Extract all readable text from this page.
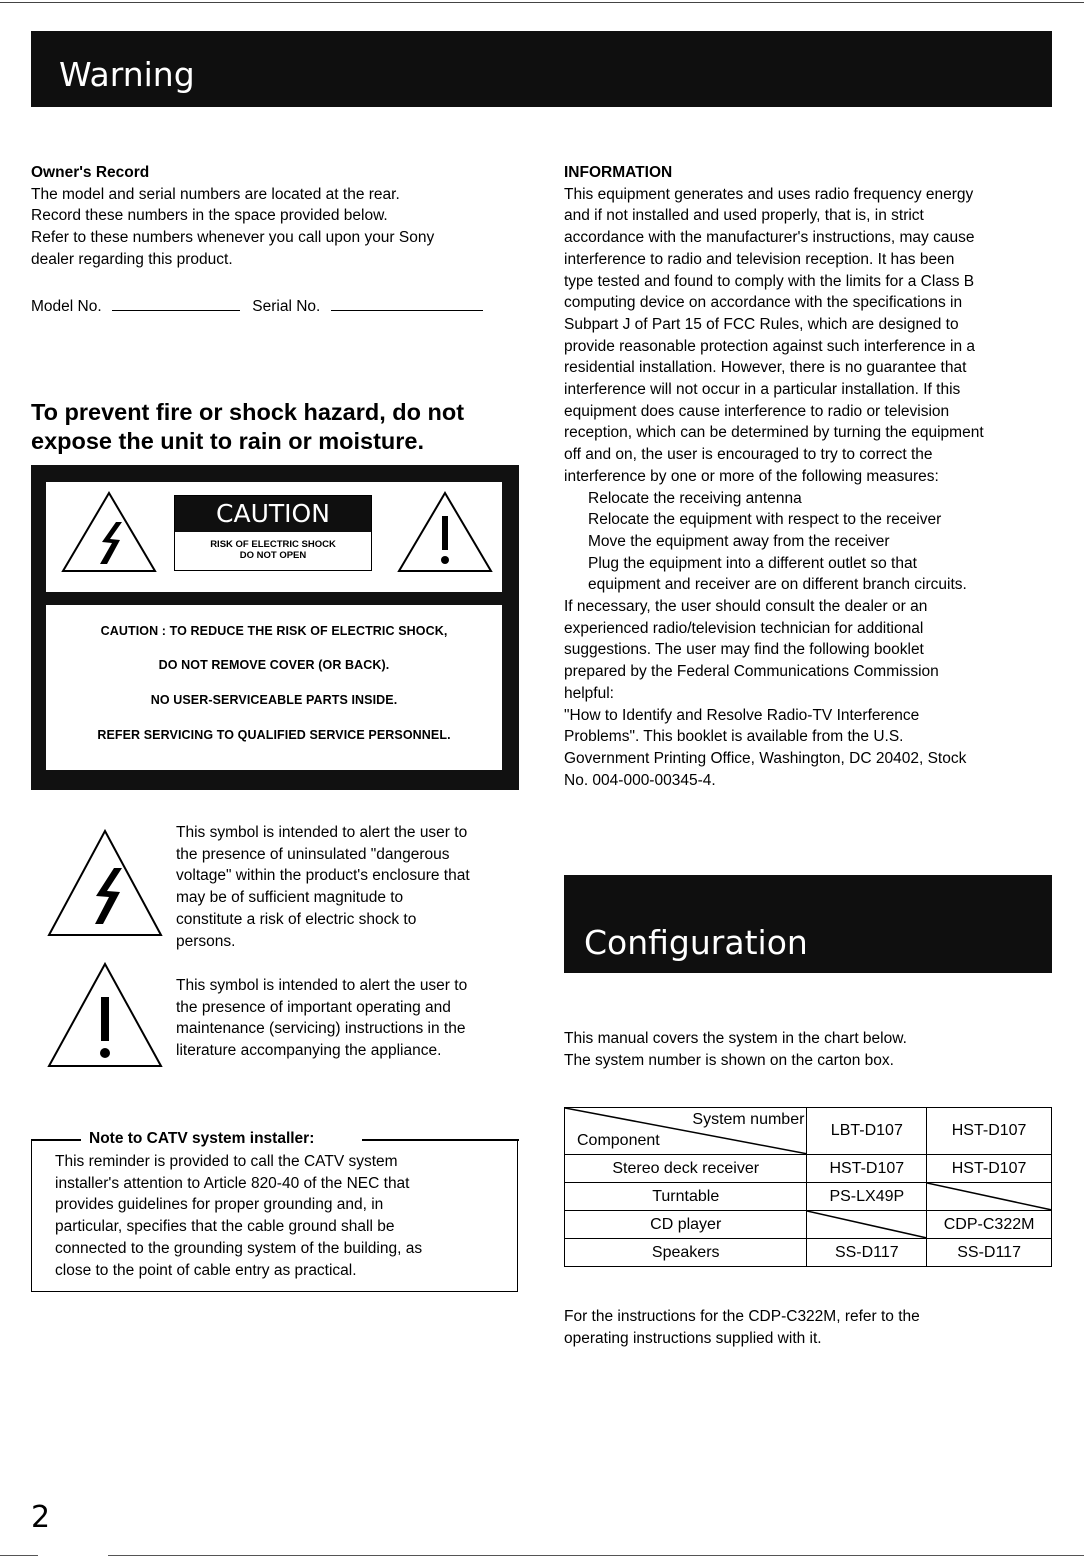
Warning
Owner's Record
The model and serial numbers are located at the rear.
Record these numbers in the space provided below.
Refer to these numbers whenever you call upon your Sony
dealer regarding this product.
Model No.	Serial No.
To prevent fire or shock hazard, do not
expose the unit to rain or moisture.
CAUTION
RISK OF ELECTRIC SHOCK
DO NOT OPEN
CAUTION : TO REDUCE THE RISK OF ELECTRIC SHOCK,
DO NOT REMOVE COVER (OR BACK).
NO USER-SERVICEABLE PARTS INSIDE.
REFER SERVICING TO QUALIFIED SERVICE PERSONNEL.
This symbol is intended to alert the user to
the presence of uninsulated "dangerous
voltage" within the product's enclosure that
may be of sufficient magnitude to
constitute a risk of electric shock to
persons.
This symbol is intended to alert the user to
the presence of important operating and
maintenance (servicing) instructions in the
literature accompanying the appliance.
Note to CATV system installer:
This reminder is provided to call the CATV system
installer's attention to Article 820-40 of the NEC that
provides guidelines for proper grounding and, in
particular, specifies that the cable ground shall be
connected to the grounding system of the building, as
close to the point of cable entry as practical.
INFORMATION
This equipment generates and uses radio frequency energy
and if not installed and used properly, that is, in strict
accordance with the manufacturer's instructions, may cause
interference to radio and television reception. It has been
type tested and found to comply with the limits for a Class B
computing device on accordance with the specifications in
Subpart J of Part 15 of FCC Rules, which are designed to
provide reasonable protection against such interference in a
residential installation. However, there is no guarantee that
interference will not occur in a particular installation. If this
equipment does cause interference to radio or television
reception, which can be determined by turning the equipment
off and on, the user is encouraged to try to correct the
interference by one or more of the following measures:
Relocate the receiving antenna
Relocate the equipment with respect to the receiver
Move the equipment away from the receiver
Plug the equipment into a different outlet so that
equipment and receiver are on different branch circuits.
If necessary, the user should consult the dealer or an
experienced radio/television technician for additional
suggestions. The user may find the following booklet
prepared by the Federal Communications Commission
helpful:
"How to Identify and Resolve Radio-TV Interference
Problems". This booklet is available from the U.S.
Government Printing Office, Washington, DC 20402, Stock
No. 004-000-00345-4.
Configuration
This manual covers the system in the chart below.
The system number is shown on the carton box.
System number
Component	LBT-D107	HST-D107
Stereo deck receiver	HST-D107	HST-D107
Turntable	PS-LX49P	

CD player		CDP-C322M
Speakers	SS-D117	SS-D117
For the instructions for the CDP-C322M, refer to the
operating instructions supplied with it.
2
